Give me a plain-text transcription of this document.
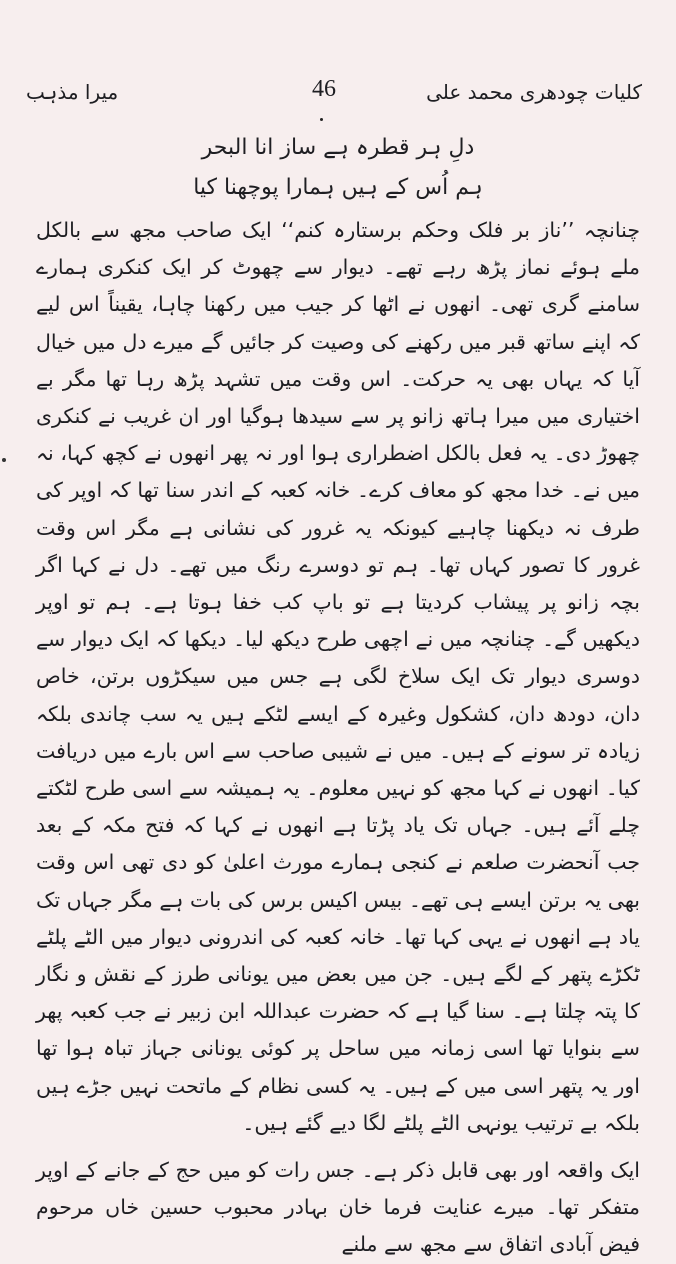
میرا مذہب	46	کلیات چودھری محمد علی
دلِ ہر قطرہ ہے ساز انا البحر
ہم اُس کے ہیں ہمارا پوچھنا کیا

چنانچہ ’’ناز بر فلک وحکم برستارہ کنم‘‘ ایک صاحب مجھ سے بالکل ملے ہوئے نماز پڑھ رہے تھے۔ دیوار سے چھوٹ کر ایک کنکری ہمارے سامنے گری تھی۔ انھوں نے اٹھا کر جیب میں رکھنا چاہا، یقیناً اس لیے کہ اپنے ساتھ قبر میں رکھنے کی وصیت کر جائیں گے میرے دل میں خیال آیا کہ یہاں بھی یہ حرکت۔ اس وقت میں تشہد پڑھ رہا تھا مگر بے اختیاری میں میرا ہاتھ زانو پر سے سیدھا ہوگیا اور ان غریب نے کنکری چھوڑ دی۔ یہ فعل بالکل اضطراری ہوا اور نہ پھر انھوں نے کچھ کہا، نہ میں نے۔ خدا مجھ کو معاف کرے۔ خانہ کعبہ کے اندر سنا تھا کہ اوپر کی طرف نہ دیکھنا چاہیے کیونکہ یہ غرور کی نشانی ہے مگر اس وقت غرور کا تصور کہاں تھا۔ ہم تو دوسرے رنگ میں تھے۔ دل نے کہا اگر بچہ زانو پر پیشاب کردیتا ہے تو باپ کب خفا ہوتا ہے۔ ہم تو اوپر دیکھیں گے۔ چنانچہ میں نے اچھی طرح دیکھ لیا۔ دیکھا کہ ایک دیوار سے دوسری دیوار تک ایک سلاخ لگی ہے جس میں سیکڑوں برتن، خاص دان، دودھ دان، کشکول وغیرہ کے ایسے لٹکے ہیں یہ سب چاندی بلکہ زیادہ تر سونے کے ہیں۔ میں نے شیبی صاحب سے اس بارے میں دریافت کیا۔ انھوں نے کہا مجھ کو نہیں معلوم۔ یہ ہمیشہ سے اسی طرح لٹکتے چلے آئے ہیں۔ جہاں تک یاد پڑتا ہے انھوں نے کہا کہ فتح مکہ کے بعد جب آنحضرت صلعم نے کنجی ہمارے مورث اعلیٰ کو دی تھی اس وقت بھی یہ برتن ایسے ہی تھے۔ بیس اکیس برس کی بات ہے مگر جہاں تک یاد ہے انھوں نے یہی کہا تھا۔ خانہ کعبہ کی اندرونی دیوار میں الٹے پلٹے ٹکڑے پتھر کے لگے ہیں۔ جن میں بعض میں یونانی طرز کے نقش و نگار کا پتہ چلتا ہے۔ سنا گیا ہے کہ حضرت عبداللہ ابن زبیر نے جب کعبہ پھر سے بنوایا تھا اسی زمانہ میں ساحل پر کوئی یونانی جہاز تباہ ہوا تھا اور یہ پتھر اسی میں کے ہیں۔ یہ کسی نظام کے ماتحت نہیں جڑے ہیں بلکہ بے ترتیب یونہی الٹے پلٹے لگا دیے گئے ہیں۔

ایک واقعہ اور بھی قابل ذکر ہے۔ جس رات کو میں حج کے جانے کے اوپر متفکر تھا۔ میرے عنایت فرما خان بہادر محبوب حسین خاں مرحوم فیض آبادی اتفاق سے مجھ سے ملنے
